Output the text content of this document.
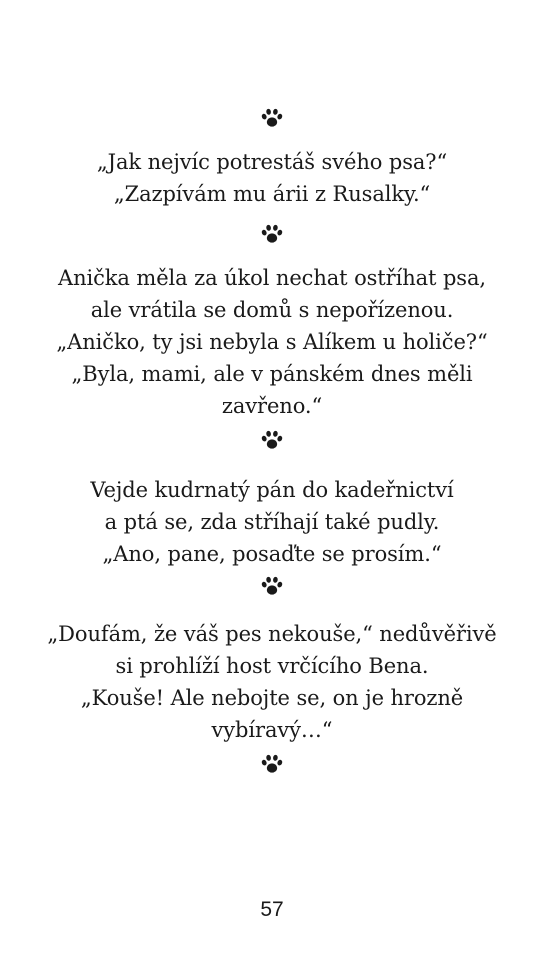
„Jak nejvíc potrestáš svého psa?“
„Zazpívám mu árii z Rusalky.“
Anička měla za úkol nechat ostříhat psa,
ale vrátila se domů s nepořízenou.
„Aničko, ty jsi nebyla s Alíkem u holiče?“
„Byla, mami, ale v pánském dnes měli
zavřeno.“
Vejde kudrnatý pán do kadeřnictví
a ptá se, zda stříhají také pudly.
„Ano, pane, posaďte se prosím.“
„Doufám, že váš pes nekouše,“ nedůvěřivě
si prohlíží host vrčícího Bena.
„Kouše! Ale nebojte se, on je hrozně
vybíravý…“
57
